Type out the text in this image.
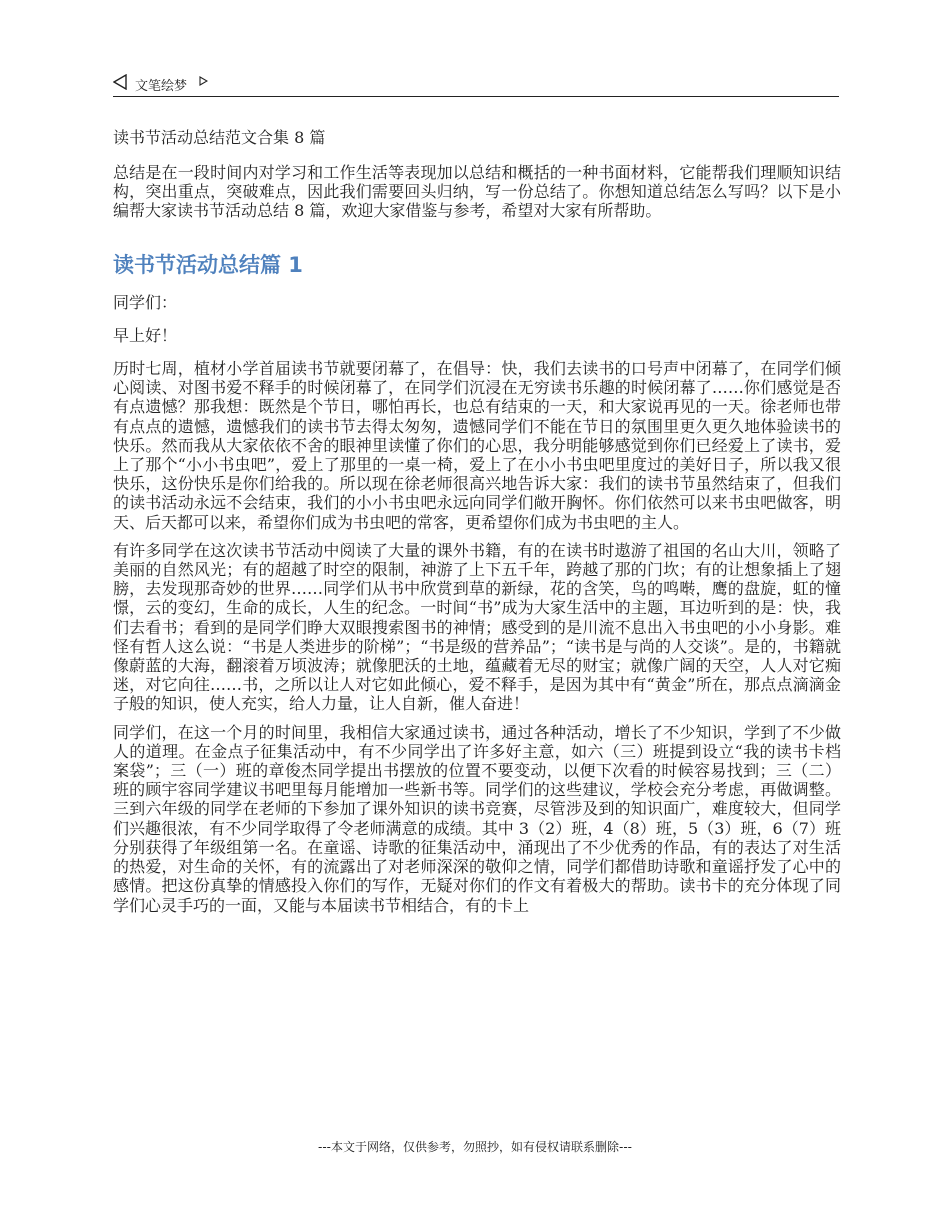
文笔绘梦
读书节活动总结范文合集 8 篇

总结是在一段时间内对学习和工作生活等表现加以总结和概括的一种书面材料，它能帮我们理顺知识结构，突出重点，突破难点，因此我们需要回头归纳，写一份总结了。你想知道总结怎么写吗？以下是小编帮大家读书节活动总结 8 篇，欢迎大家借鉴与参考，希望对大家有所帮助。

读书节活动总结篇 1

同学们：

早上好！

历时七周，植材小学首届读书节就要闭幕了，在倡导：快，我们去读书的口号声中闭幕了，在同学们倾心阅读、对图书爱不释手的时候闭幕了，在同学们沉浸在无穷读书乐趣的时候闭幕了……你们感觉是否有点遗憾？那我想：既然是个节日，哪怕再长，也总有结束的一天，和大家说再见的一天。徐老师也带有点点的遗憾，遗憾我们的读书节去得太匆匆，遗憾同学们不能在节日的氛围里更久更久地体验读书的快乐。然而我从大家依依不舍的眼神里读懂了你们的心思，我分明能够感觉到你们已经爱上了读书，爱上了那个“小小书虫吧”，爱上了那里的一桌一椅，爱上了在小小书虫吧里度过的美好日子，所以我又很快乐，这份快乐是你们给我的。所以现在徐老师很高兴地告诉大家：我们的读书节虽然结束了，但我们的读书活动永远不会结束，我们的小小书虫吧永远向同学们敞开胸怀。你们依然可以来书虫吧做客，明天、后天都可以来，希望你们成为书虫吧的常客，更希望你们成为书虫吧的主人。

有许多同学在这次读书节活动中阅读了大量的课外书籍，有的在读书时遨游了祖国的名山大川，领略了美丽的自然风光；有的超越了时空的限制，神游了上下五千年，跨越了那的门坎；有的让想象插上了翅膀，去发现那奇妙的世界……同学们从书中欣赏到草的新绿，花的含笑，鸟的鸣啭，鹰的盘旋，虹的憧憬，云的变幻，生命的成长，人生的纪念。一时间“书”成为大家生活中的主题，耳边听到的是：快，我们去看书；看到的是同学们睁大双眼搜索图书的神情；感受到的是川流不息出入书虫吧的小小身影。难怪有哲人这么说：“书是人类进步的阶梯”；“书是级的营养品”；“读书是与尚的人交谈”。是的，书籍就像蔚蓝的大海，翻滚着万顷波涛；就像肥沃的土地，蕴藏着无尽的财宝；就像广阔的天空，人人对它痴迷，对它向往……书，之所以让人对它如此倾心，爱不释手，是因为其中有“黄金”所在，那点点滴滴金子般的知识，使人充实，给人力量，让人自新，催人奋进！

同学们，在这一个月的时间里，我相信大家通过读书，通过各种活动，增长了不少知识，学到了不少做人的道理。在金点子征集活动中，有不少同学出了许多好主意，如六（三）班提到设立“我的读书卡档案袋”；三（一）班的章俊杰同学提出书摆放的位置不要变动，以便下次看的时候容易找到；三（二）班的顾宇容同学建议书吧里每月能增加一些新书等。同学们的这些建议，学校会充分考虑，再做调整。三到六年级的同学在老师的下参加了课外知识的读书竞赛，尽管涉及到的知识面广，难度较大，但同学们兴趣很浓，有不少同学取得了令老师满意的成绩。其中 3（2）班，4（8）班，5（3）班，6（7）班分别获得了年级组第一名。在童谣、诗歌的征集活动中，涌现出了不少优秀的作品，有的表达了对生活的热爱，对生命的关怀，有的流露出了对老师深深的敬仰之情，同学们都借助诗歌和童谣抒发了心中的感情。把这份真挚的情感投入你们的写作，无疑对你们的作文有着极大的帮助。读书卡的充分体现了同学们心灵手巧的一面，又能与本届读书节相结合，有的卡上

---本文于网络，仅供参考，勿照抄，如有侵权请联系删除---
